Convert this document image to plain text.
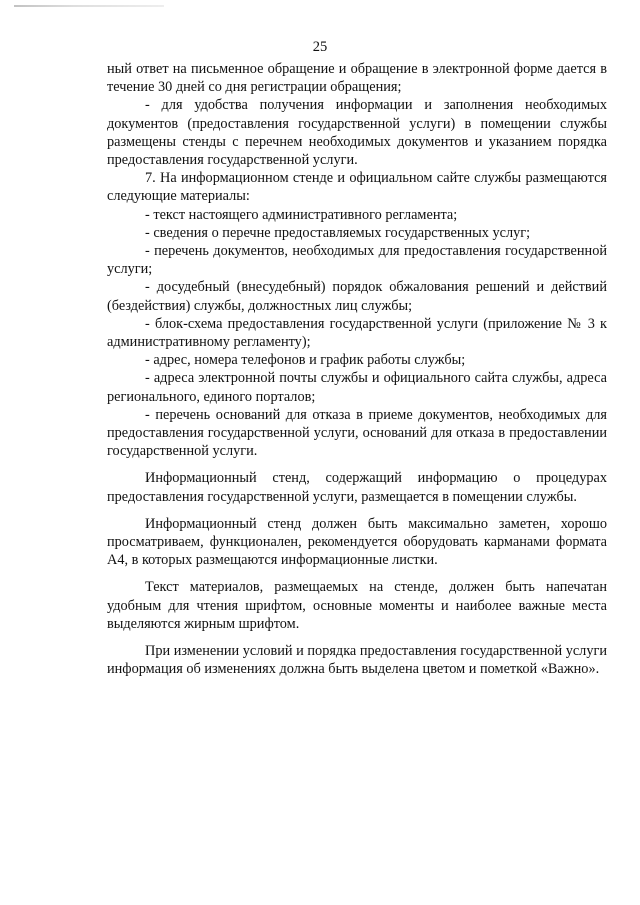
25

ный ответ на письменное обращение и обращение в электронной форме дается в течение 30 дней со дня регистрации обращения;

- для удобства получения информации и заполнения необходимых документов (предоставления государственной услуги) в помещении службы размещены стенды с перечнем необходимых документов и указанием порядка предоставления государственной услуги.

7. На информационном стенде и официальном сайте службы размещаются следующие материалы:

- текст настоящего административного регламента;

- сведения о перечне предоставляемых государственных услуг;

- перечень документов, необходимых для предоставления государственной услуги;

- досудебный (внесудебный) порядок обжалования решений и действий (бездействия) службы, должностных лиц службы;

- блок-схема предоставления государственной услуги (приложение № 3 к административному регламенту);

- адрес, номера телефонов и график работы службы;

- адреса электронной почты службы и официального сайта службы, адреса регионального, единого порталов;

- перечень оснований для отказа в приеме документов, необходимых для предоставления государственной услуги, оснований для отказа в предоставлении государственной услуги.

Информационный стенд, содержащий информацию о процедурах предоставления государственной услуги, размещается в помещении службы.

Информационный стенд должен быть максимально заметен, хорошо просматриваем, функционален, рекомендуется оборудовать карманами формата А4, в которых размещаются информационные листки.

Текст материалов, размещаемых на стенде, должен быть напечатан удобным для чтения шрифтом, основные моменты и наиболее важные места выделяются жирным шрифтом.

При изменении условий и порядка предоставления государственной услуги информация об изменениях должна быть выделена цветом и пометкой «Важно».
